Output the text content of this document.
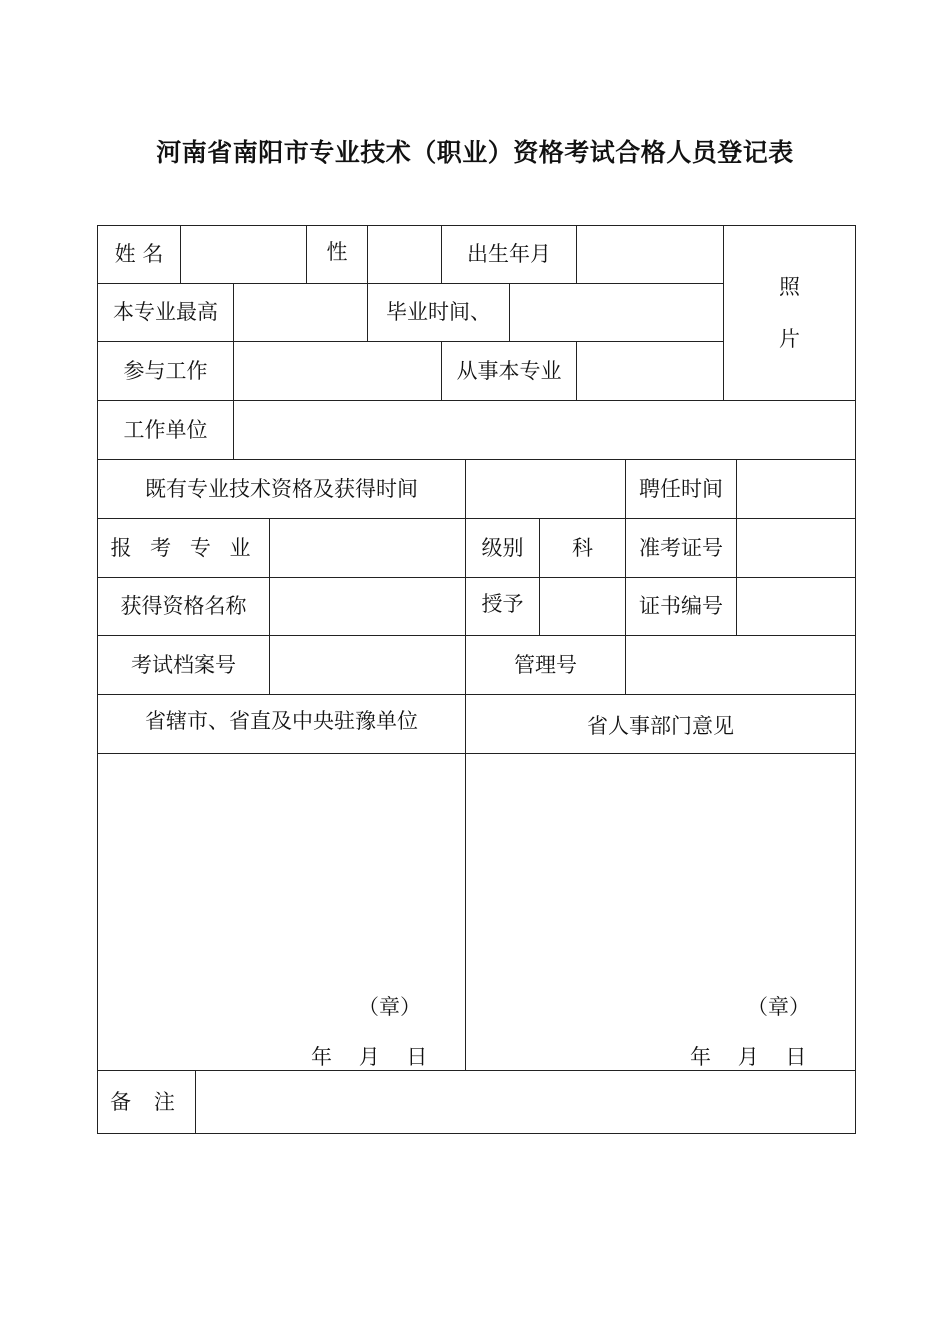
河南省南阳市专业技术（职业）资格考试合格人员登记表
姓 名	性	出生年月
照
片
本专业最高	毕业时间、
参与工作	从事本专业
工作单位
既有专业技术资格及获得时间	聘任时间
报 考 专 业	级别	科	准考证号
获得资格名称	授予	证书编号
考试档案号	管理号
省辖市、省直及中央驻豫单位	省人事部门意见
（章）
年    月    日
（章）
年    月    日
备 注
